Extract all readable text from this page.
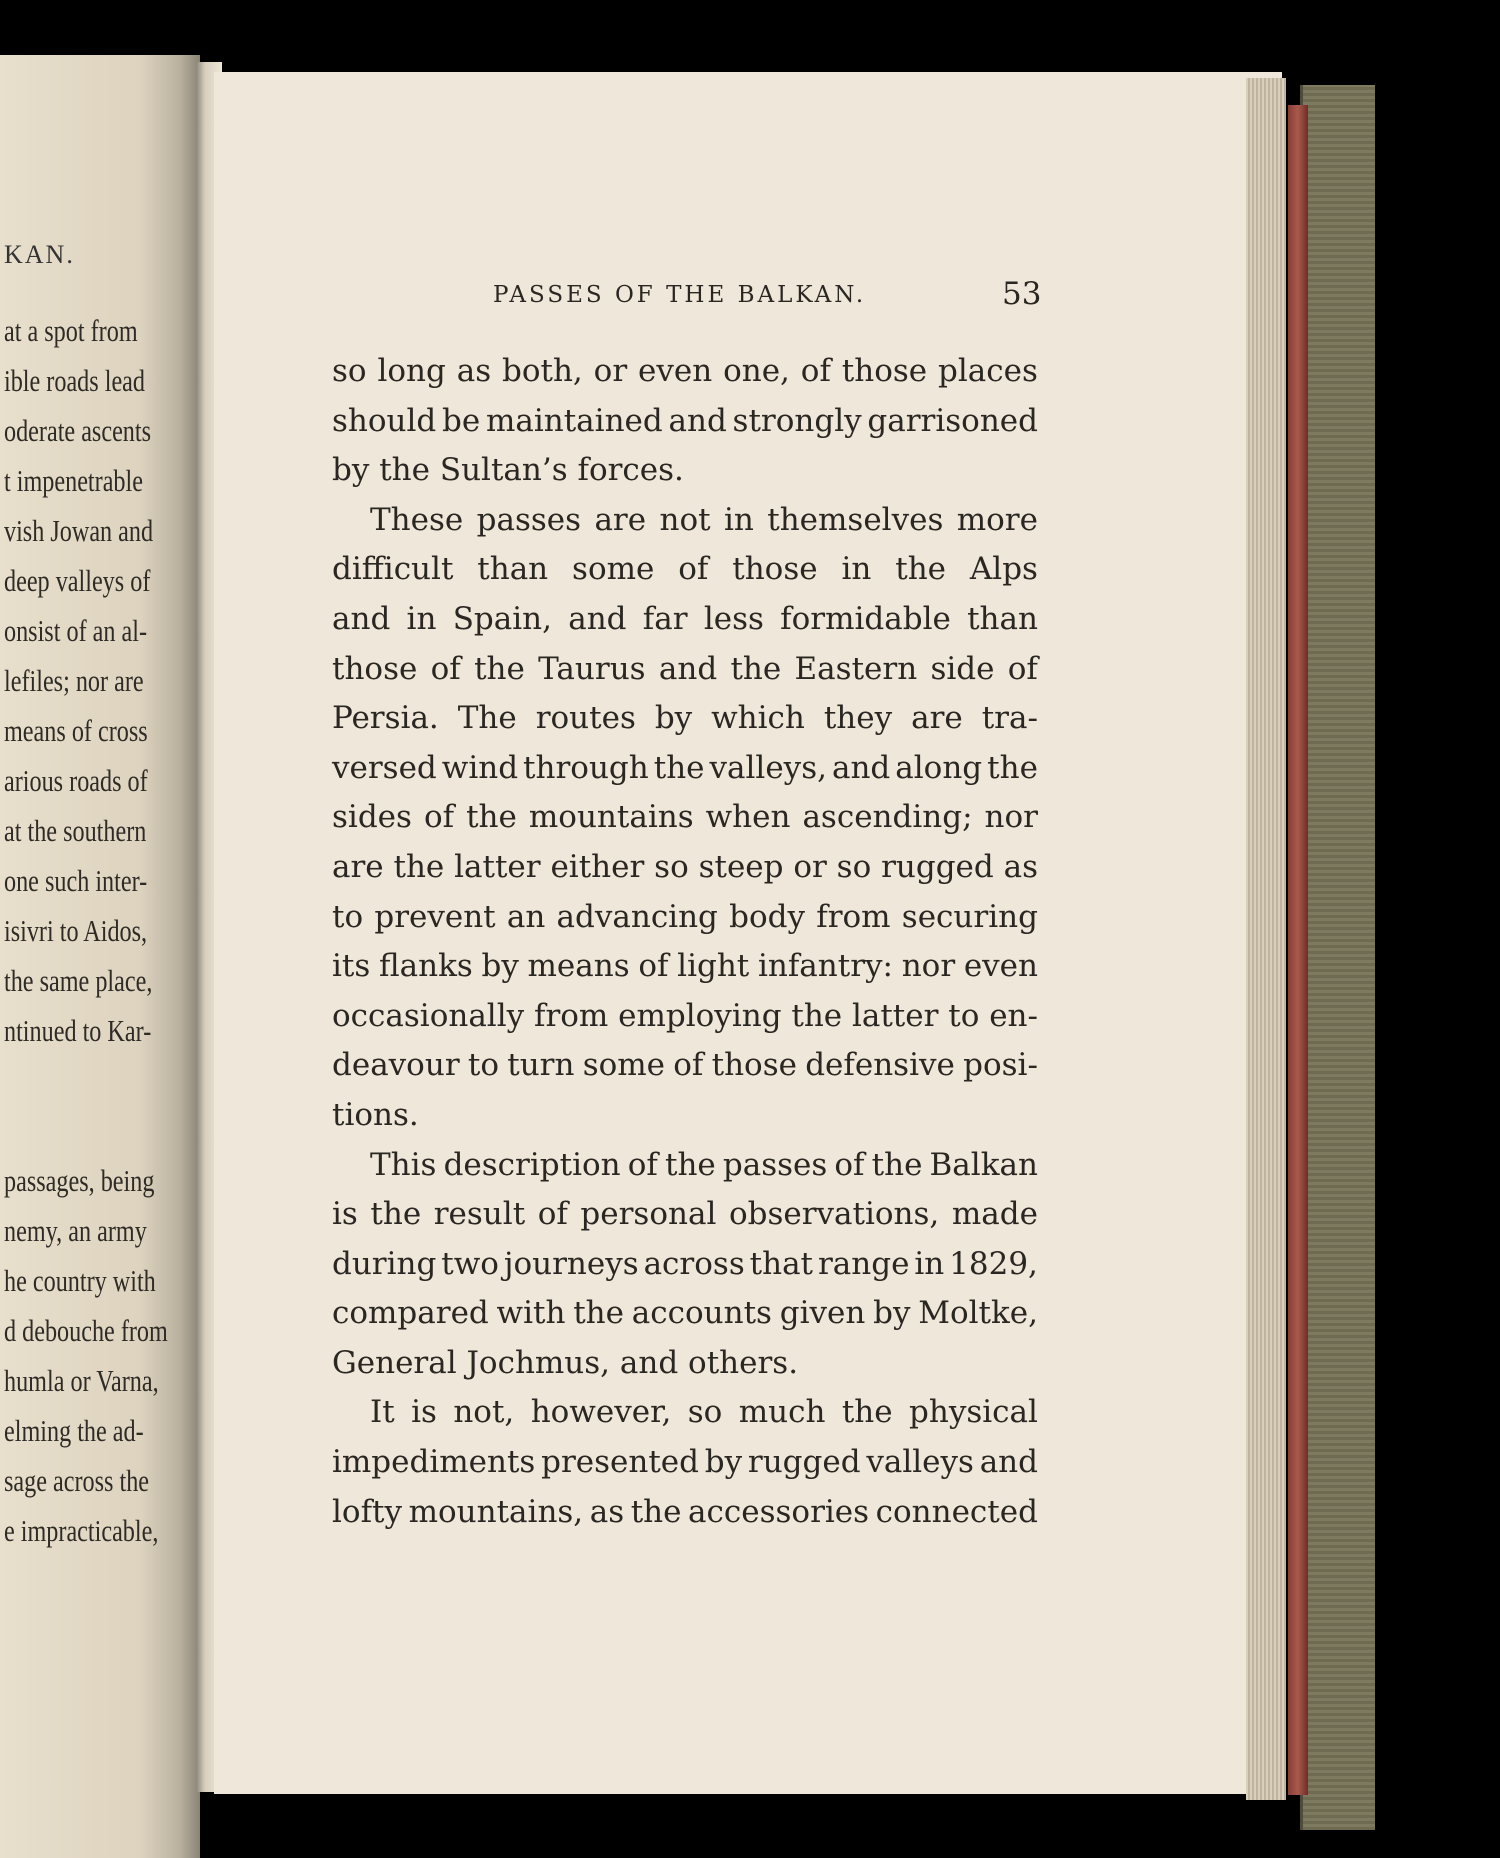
KAN.
at a spot from
ible roads lead
oderate ascents
t impenetrable
vish Jowan and
deep valleys of
onsist of an al-
lefiles; nor are
means of cross
arious roads of
at the southern
one such inter-
isivri to Aidos,
the same place,
ntinued to Kar-
passages, being
nemy, an army
he country with
d debouche from
humla or Varna,
elming the ad-
sage across the
e impracticable,
PASSES OF THE BALKAN.	53
so long as both, or even one, of those places
should be maintained and strongly garrisoned
by the Sultan’s forces.
These passes are not in themselves more
difficult than some of those in the Alps
and in Spain, and far less formidable than
those of the Taurus and the Eastern side of
Persia. The routes by which they are tra-
versed wind through the valleys, and along the
sides of the mountains when ascending; nor
are the latter either so steep or so rugged as
to prevent an advancing body from securing
its flanks by means of light infantry: nor even
occasionally from employing the latter to en-
deavour to turn some of those defensive posi-
tions.
This description of the passes of the Balkan
is the result of personal observations, made
during two journeys across that range in 1829,
compared with the accounts given by Moltke,
General Jochmus, and others.
It is not, however, so much the physical
impediments presented by rugged valleys and
lofty mountains, as the accessories connected
